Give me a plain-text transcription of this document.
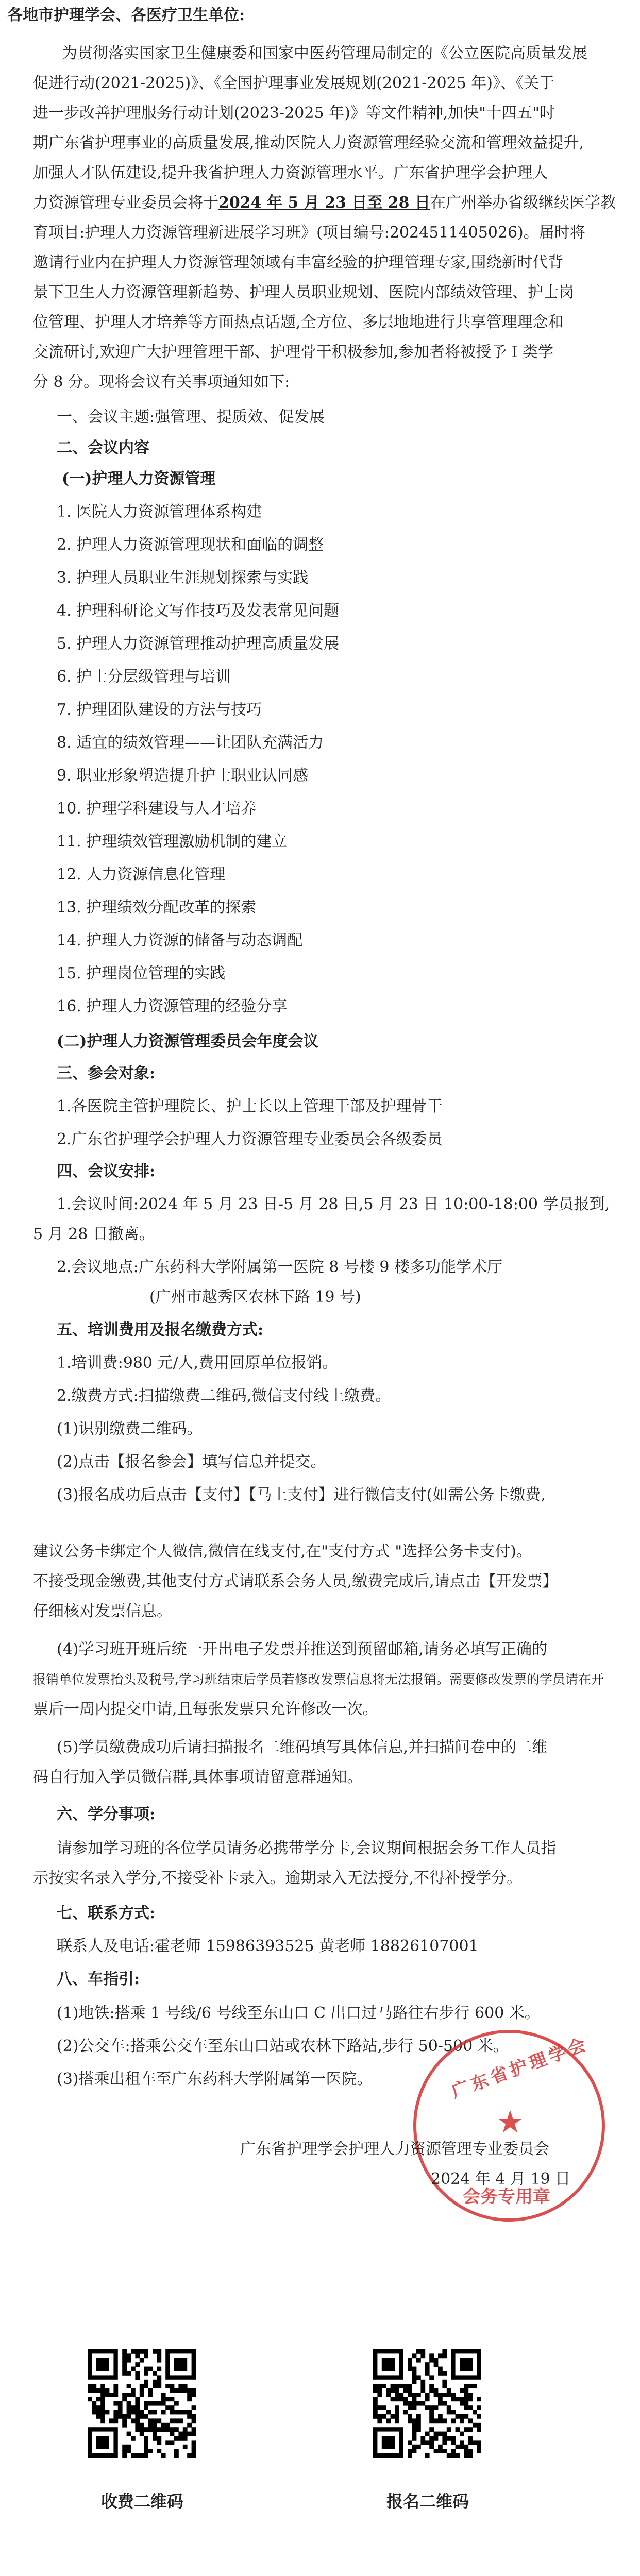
各地市护理学会、各医疗卫生单位:
为贯彻落实国家卫生健康委和国家中医药管理局制定的《公立医院高质量发展
促进行动(2021-2025)》、《全国护理事业发展规划(2021-2025 年)》、《关于
进一步改善护理服务行动计划(2023-2025 年)》等文件精神,加快"十四五"时
期广东省护理事业的高质量发展,推动医院人力资源管理经验交流和管理效益提升,
加强人才队伍建设,提升我省护理人力资源管理水平。广东省护理学会护理人
力资源管理专业委员会将于2024 年 5 月 23 日至 28 日在广州举办省级继续医学教
育项目:护理人力资源管理新进展学习班》(项目编号:2024511405026)。届时将
邀请行业内在护理人力资源管理领域有丰富经验的护理管理专家,围绕新时代背
景下卫生人力资源管理新趋势、护理人员职业规划、医院内部绩效管理、护士岗
位管理、护理人才培养等方面热点话题,全方位、多层地地进行共享管理理念和
交流研讨,欢迎广大护理管理干部、护理骨干积极参加,参加者将被授予 I 类学
分 8 分。现将会议有关事项通知如下:
一、会议主题:强管理、提质效、促发展
二、会议内容
(一)护理人力资源管理
1. 医院人力资源管理体系构建
2. 护理人力资源管理现状和面临的调整
3. 护理人员职业生涯规划探索与实践
4. 护理科研论文写作技巧及发表常见问题
5. 护理人力资源管理推动护理高质量发展
6. 护士分层级管理与培训
7. 护理团队建设的方法与技巧
8. 适宜的绩效管理——让团队充满活力
9. 职业形象塑造提升护士职业认同感
10. 护理学科建设与人才培养
11. 护理绩效管理激励机制的建立
12. 人力资源信息化管理
13. 护理绩效分配改革的探索
14. 护理人力资源的储备与动态调配
15. 护理岗位管理的实践
16. 护理人力资源管理的经验分享
(二)护理人力资源管理委员会年度会议
三、参会对象:
1.各医院主管护理院长、护士长以上管理干部及护理骨干
2.广东省护理学会护理人力资源管理专业委员会各级委员
四、会议安排:
1.会议时间:2024 年 5 月 23 日-5 月 28 日,5 月 23 日 10:00-18:00 学员报到,
5 月 28 日撤离。
2.会议地点:广东药科大学附属第一医院 8 号楼 9 楼多功能学术厅
(广州市越秀区农林下路 19 号)
五、培训费用及报名缴费方式:
1.培训费:980 元/人,费用回原单位报销。
2.缴费方式:扫描缴费二维码,微信支付线上缴费。
(1)识别缴费二维码。
(2)点击【报名参会】填写信息并提交。
(3)报名成功后点击【支付】【马上支付】进行微信支付(如需公务卡缴费,
建议公务卡绑定个人微信,微信在线支付,在"支付方式 "选择公务卡支付)。
不接受现金缴费,其他支付方式请联系会务人员,缴费完成后,请点击【开发票】
仔细核对发票信息。
(4)学习班开班后统一开出电子发票并推送到预留邮箱,请务必填写正确的
报销单位发票抬头及税号,学习班结束后学员若修改发票信息将无法报销。需要修改发票的学员请在开
票后一周内提交申请,且每张发票只允许修改一次。
(5)学员缴费成功后请扫描报名二维码填写具体信息,并扫描问卷中的二维
码自行加入学员微信群,具体事项请留意群通知。
六、学分事项:
请参加学习班的各位学员请务必携带学分卡,会议期间根据会务工作人员指
示按实名录入学分,不接受补卡录入。逾期录入无法授分,不得补授学分。
七、联系方式:
联系人及电话:霍老师 15986393525 黄老师 18826107001
八、车指引:
(1)地铁:搭乘 1 号线/6 号线至东山口 C 出口过马路往右步行 600 米。
(2)公交车:搭乘公交车至东山口站或农林下路站,步行 50-500 米。
(3)搭乘出租车至广东药科大学附属第一医院。	广东省护理学会
★
会务专用章
广东省护理学会护理人力资源管理专业委员会
2024 年 4 月 19 日
收费二维码	报名二维码
